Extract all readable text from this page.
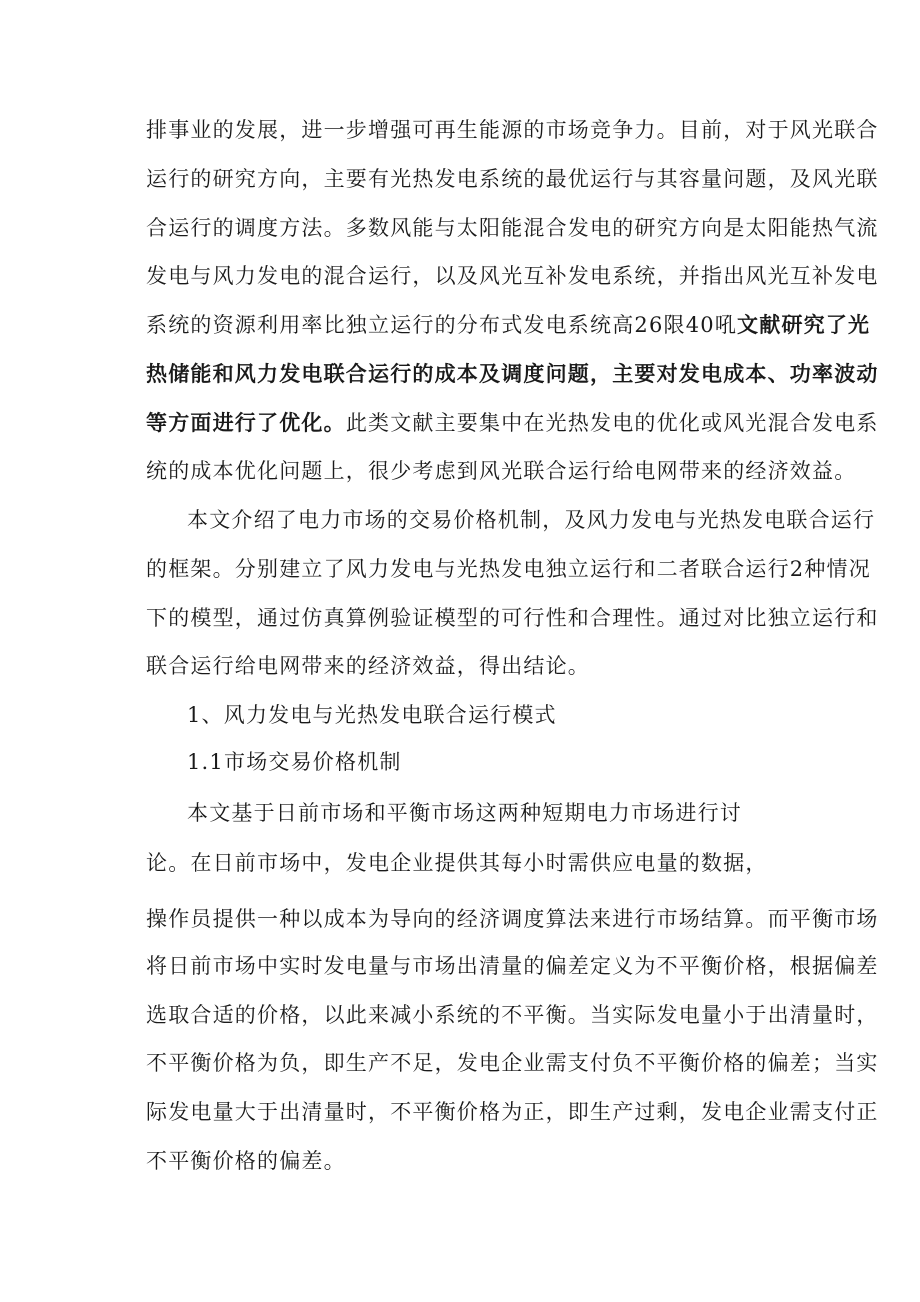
排事业的发展，进一步增强可再生能源的市场竞争力。目前，对于风光联合
运行的研究方向，主要有光热发电系统的最优运行与其容量问题，及风光联
合运行的调度方法。多数风能与太阳能混合发电的研究方向是太阳能热气流
发电与风力发电的混合运行，以及风光互补发电系统，并指出风光互补发电
系统的资源利用率比独立运行的分布式发电系统高26限40吼文献研究了光
热储能和风力发电联合运行的成本及调度问题，主要对发电成本、功率波动
等方面进行了优化。此类文献主要集中在光热发电的优化或风光混合发电系
统的成本优化问题上，很少考虑到风光联合运行给电网带来的经济效益。
本文介绍了电力市场的交易价格机制，及风力发电与光热发电联合运行
的框架。分别建立了风力发电与光热发电独立运行和二者联合运行2种情况
下的模型，通过仿真算例验证模型的可行性和合理性。通过对比独立运行和
联合运行给电网带来的经济效益，得出结论。
1、风力发电与光热发电联合运行模式
1.1市场交易价格机制
本文基于日前市场和平衡市场这两种短期电力市场进行讨
论。在日前市场中，发电企业提供其每小时需供应电量的数据，
操作员提供一种以成本为导向的经济调度算法来进行市场结算。而平衡市场
将日前市场中实时发电量与市场出清量的偏差定义为不平衡价格，根据偏差
选取合适的价格，以此来减小系统的不平衡。当实际发电量小于出清量时，
不平衡价格为负，即生产不足，发电企业需支付负不平衡价格的偏差；当实
际发电量大于出清量时，不平衡价格为正，即生产过剩，发电企业需支付正
不平衡价格的偏差。
